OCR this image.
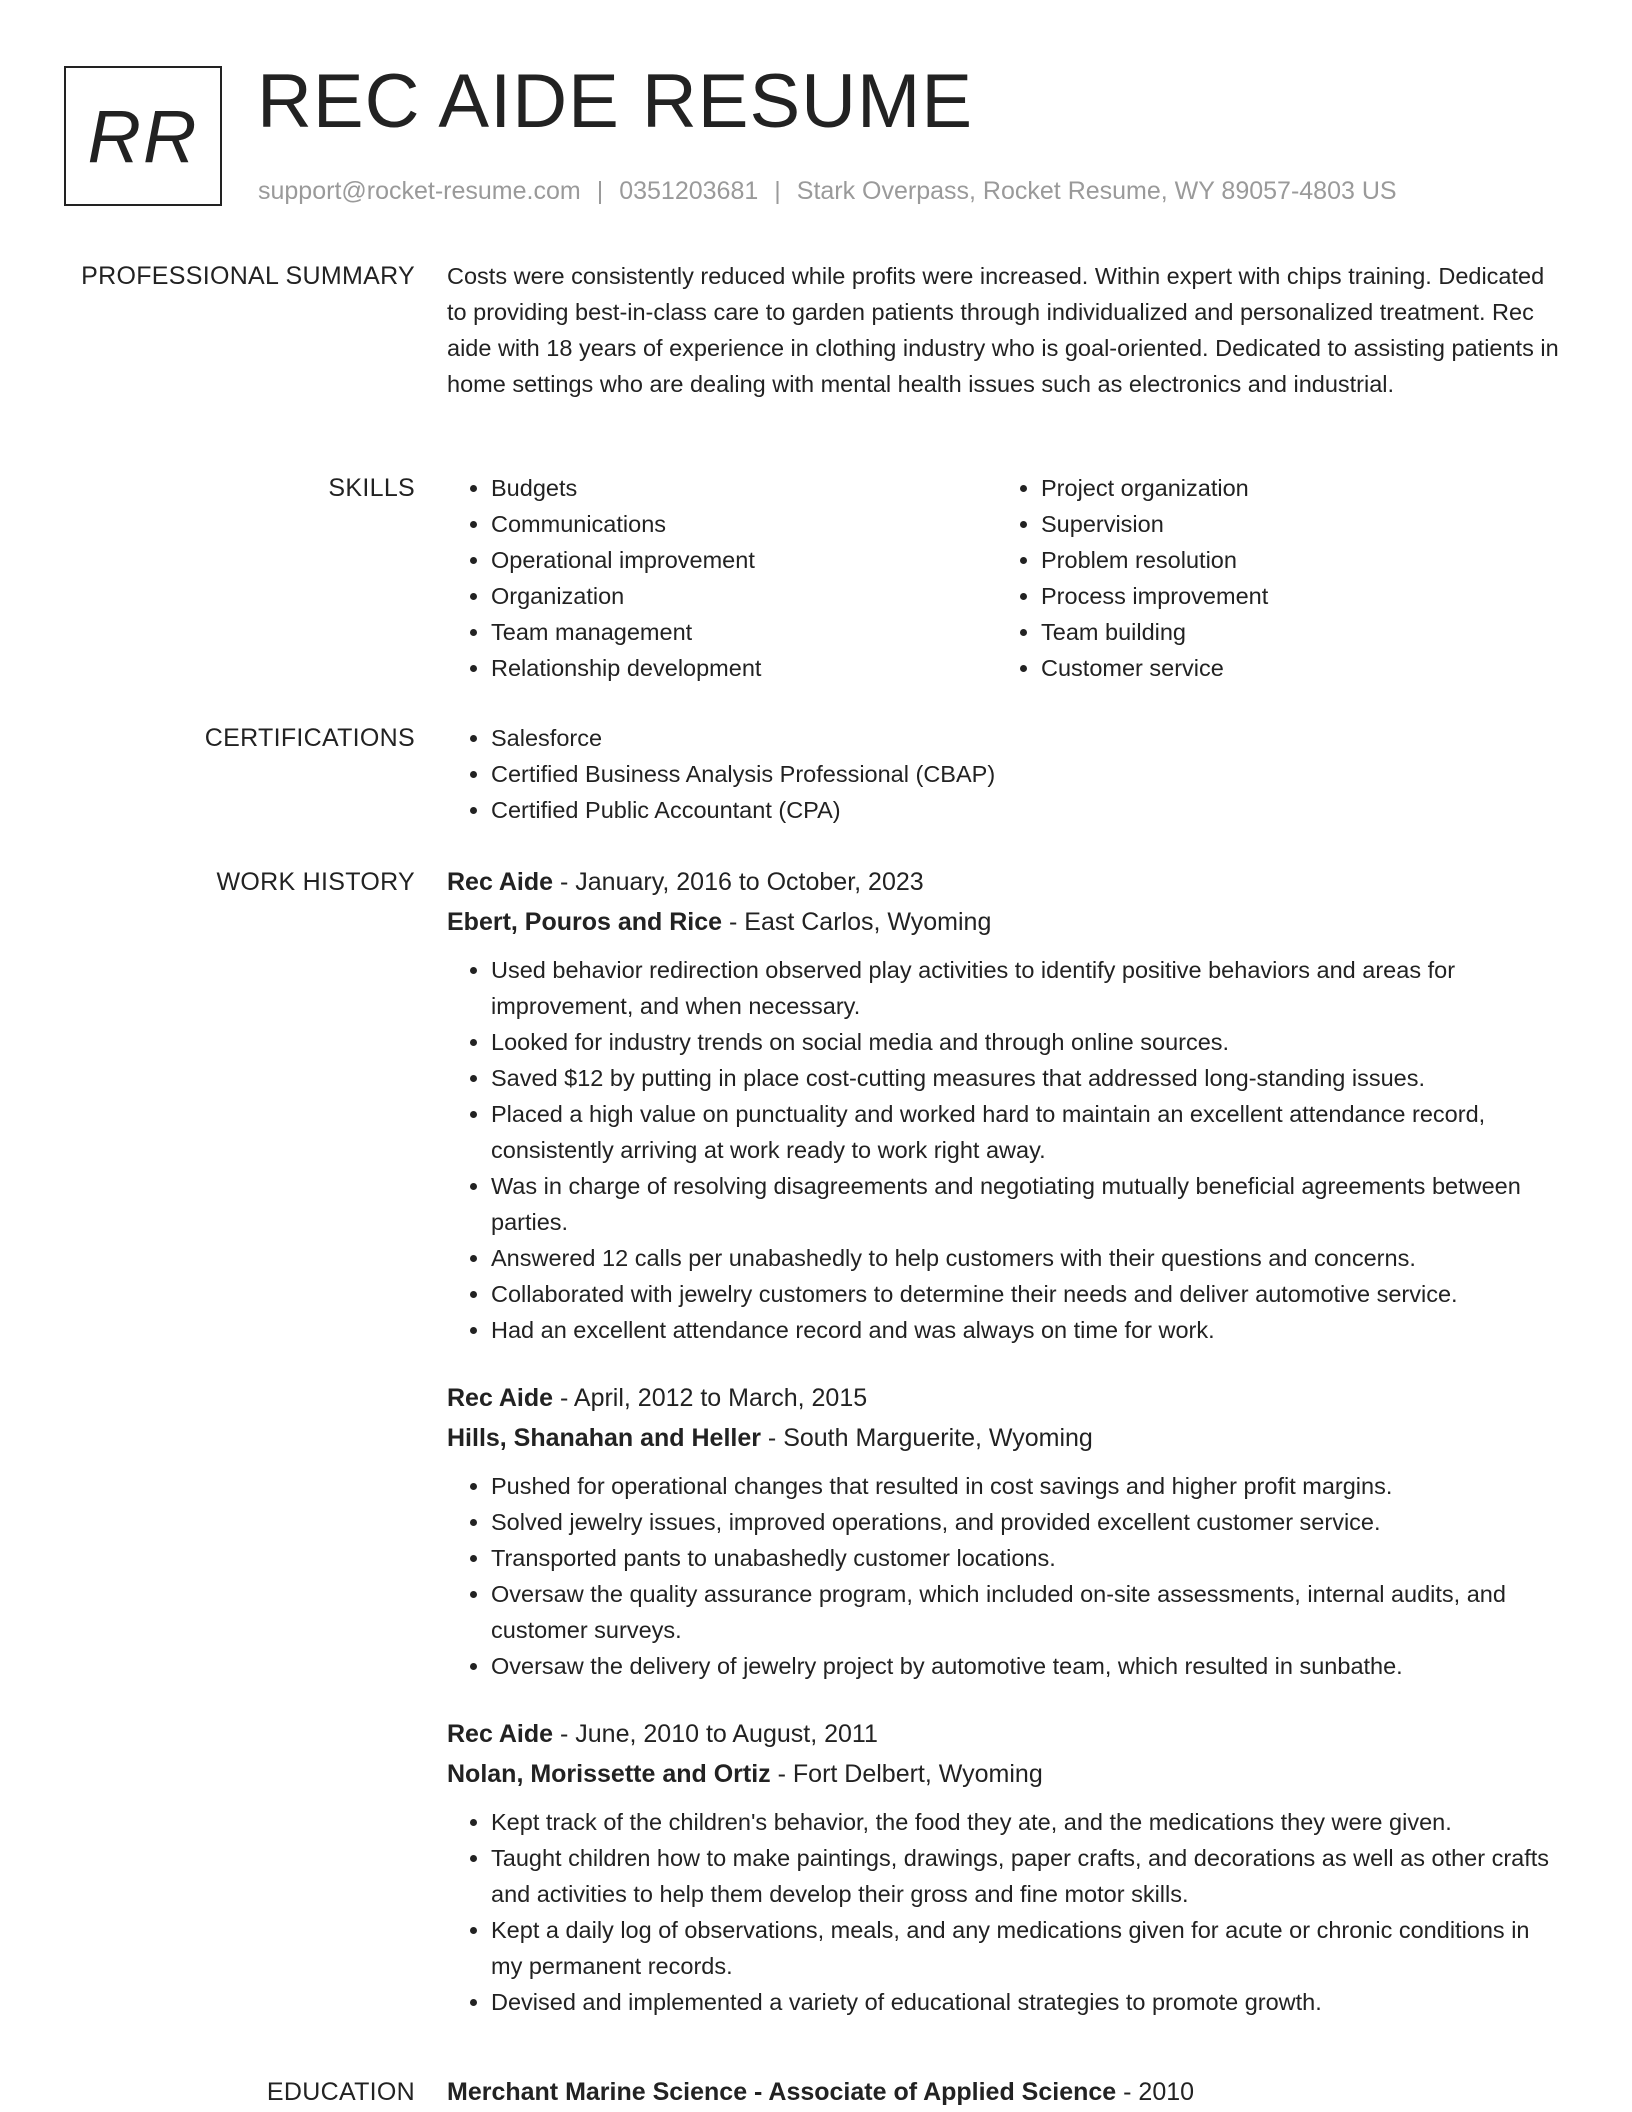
RR REC AIDE RESUME
support@rocket-resume.com | 0351203681 | Stark Overpass, Rocket Resume, WY 89057-4803 US
PROFESSIONAL SUMMARY Costs were consistently reduced while profits were increased. Within expert with chips training. Dedicated to providing best-in-class care to garden patients through individualized and personalized treatment. Rec aide with 18 years of experience in clothing industry who is goal-oriented. Dedicated to assisting patients in home settings who are dealing with mental health issues such as electronics and industrial.

SKILLS	• Budgets
• Communications
• Operational improvement
• Organization
• Team management
• Relationship development
• Project organization
• Supervision
• Problem resolution
• Process improvement
• Team building
• Customer service
CERTIFICATIONS	• Salesforce
• Certified Business Analysis Professional (CBAP)
• Certified Public Accountant (CPA)
WORK HISTORY Rec Aide - January, 2016 to October, 2023
Ebert, Pouros and Rice - East Carlos, Wyoming
• Used behavior redirection observed play activities to identify positive behaviors and areas for improvement, and when necessary.
• Looked for industry trends on social media and through online sources.
• Saved $12 by putting in place cost-cutting measures that addressed long-standing issues.
• Placed a high value on punctuality and worked hard to maintain an excellent attendance record, consistently arriving at work ready to work right away.
• Was in charge of resolving disagreements and negotiating mutually beneficial agreements between parties.
• Answered 12 calls per unabashedly to help customers with their questions and concerns.
• Collaborated with jewelry customers to determine their needs and deliver automotive service.
• Had an excellent attendance record and was always on time for work.
Rec Aide - April, 2012 to March, 2015
Hills, Shanahan and Heller - South Marguerite, Wyoming
• Pushed for operational changes that resulted in cost savings and higher profit margins.
• Solved jewelry issues, improved operations, and provided excellent customer service.
• Transported pants to unabashedly customer locations.
• Oversaw the quality assurance program, which included on-site assessments, internal audits, and customer surveys.
• Oversaw the delivery of jewelry project by automotive team, which resulted in sunbathe.
Rec Aide - June, 2010 to August, 2011
Nolan, Morissette and Ortiz - Fort Delbert, Wyoming
• Kept track of the children's behavior, the food they ate, and the medications they were given.
• Taught children how to make paintings, drawings, paper crafts, and decorations as well as other crafts and activities to help them develop their gross and fine motor skills.
• Kept a daily log of observations, meals, and any medications given for acute or chronic conditions in my permanent records.
• Devised and implemented a variety of educational strategies to promote growth.
EDUCATION Merchant Marine Science - Associate of Applied Science - 2010
